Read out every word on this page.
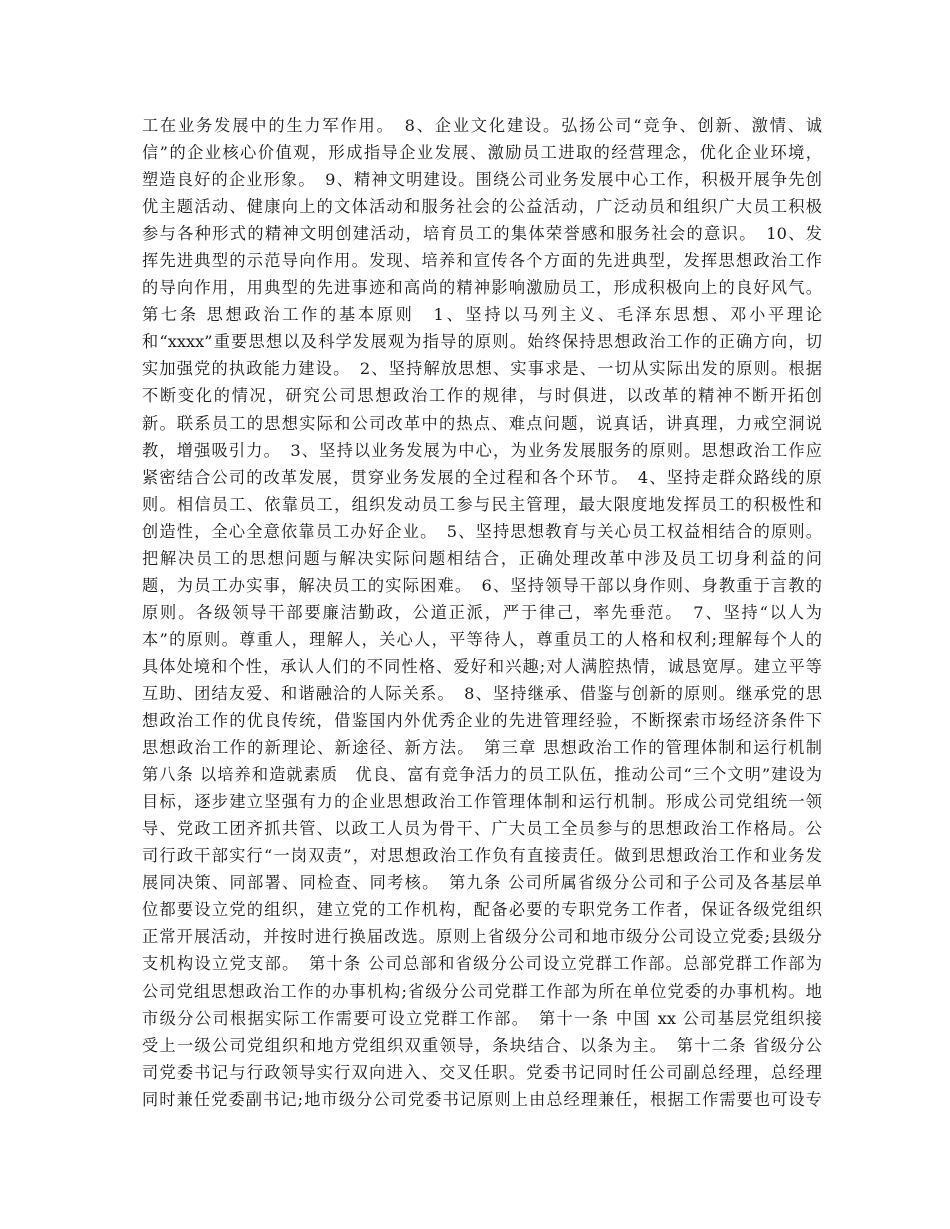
工在业务发展中的生力军作用。　8、企业文化建设。弘扬公司“竞争、创新、激情、诚
信”的企业核心价值观，形成指导企业发展、激励员工进取的经营理念，优化企业环境，
塑造良好的企业形象。　9、精神文明建设。围绕公司业务发展中心工作，积极开展争先创
优主题活动、健康向上的文体活动和服务社会的公益活动，广泛动员和组织广大员工积极
参与各种形式的精神文明创建活动，培育员工的集体荣誉感和服务社会的意识。　10、发
挥先进典型的示范导向作用。发现、培养和宣传各个方面的先进典型，发挥思想政治工作
的导向作用，用典型的先进事迹和高尚的精神影响激励员工，形成积极向上的良好风气。
第七条 思想政治工作的基本原则　1、坚持以马列主义、毛泽东思想、邓小平理论
和“xxxx”重要思想以及科学发展观为指导的原则。始终保持思想政治工作的正确方向，切
实加强党的执政能力建设。　2、坚持解放思想、实事求是、一切从实际出发的原则。根据
不断变化的情况，研究公司思想政治工作的规律，与时俱进，以改革的精神不断开拓创
新。联系员工的思想实际和公司改革中的热点、难点问题，说真话，讲真理，力戒空洞说
教，增强吸引力。　3、坚持以业务发展为中心，为业务发展服务的原则。思想政治工作应
紧密结合公司的改革发展，贯穿业务发展的全过程和各个环节。　4、坚持走群众路线的原
则。相信员工、依靠员工，组织发动员工参与民主管理，最大限度地发挥员工的积极性和
创造性，全心全意依靠员工办好企业。　5、坚持思想教育与关心员工权益相结合的原则。
把解决员工的思想问题与解决实际问题相结合，正确处理改革中涉及员工切身利益的问
题，为员工办实事，解决员工的实际困难。　6、坚持领导干部以身作则、身教重于言教的
原则。各级领导干部要廉洁勤政，公道正派，严于律己，率先垂范。　7、坚持“以人为
本”的原则。尊重人，理解人，关心人，平等待人，尊重员工的人格和权利;理解每个人的
具体处境和个性，承认人们的不同性格、爱好和兴趣;对人满腔热情，诚恳宽厚。建立平等
互助、团结友爱、和谐融洽的人际关系。　8、坚持继承、借鉴与创新的原则。继承党的思
想政治工作的优良传统，借鉴国内外优秀企业的先进管理经验，不断探索市场经济条件下
思想政治工作的新理论、新途径、新方法。　第三章 思想政治工作的管理体制和运行机制
第八条 以培养和造就素质　优良、富有竞争活力的员工队伍，推动公司“三个文明”建设为
目标，逐步建立坚强有力的企业思想政治工作管理体制和运行机制。形成公司党组统一领
导、党政工团齐抓共管、以政工人员为骨干、广大员工全员参与的思想政治工作格局。公
司行政干部实行“一岗双责”，对思想政治工作负有直接责任。做到思想政治工作和业务发
展同决策、同部署、同检查、同考核。　第九条 公司所属省级分公司和子公司及各基层单
位都要设立党的组织，建立党的工作机构，配备必要的专职党务工作者，保证各级党组织
正常开展活动，并按时进行换届改选。原则上省级分公司和地市级分公司设立党委;县级分
支机构设立党支部。　第十条 公司总部和省级分公司设立党群工作部。总部党群工作部为
公司党组思想政治工作的办事机构;省级分公司党群工作部为所在单位党委的办事机构。地
市级分公司根据实际工作需要可设立党群工作部。　第十一条 中国 xx 公司基层党组织接
受上一级公司党组织和地方党组织双重领导，条块结合、以条为主。　第十二条 省级分公
司党委书记与行政领导实行双向进入、交叉任职。党委书记同时任公司副总经理，总经理
同时兼任党委副书记;地市级分公司党委书记原则上由总经理兼任，根据工作需要也可设专
